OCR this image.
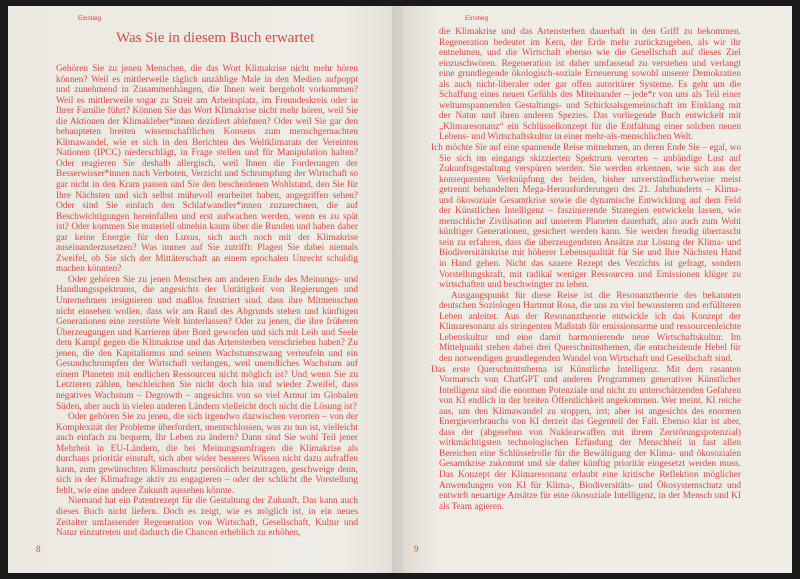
Einstieg
Was Sie in diesem Buch erwartet

Gehören Sie zu jenen Menschen, die das Wort Klimakrise nicht mehr hören können? Weil es mittlerweile täglich unzählige Male in den Medien aufpoppt und zunehmend in Zusammenhängen, die Ihnen weit hergeholt vorkommen? Weil es mittlerweile sogar zu Streit am Arbeitsplatz, im Freundeskreis oder in Ihrer Familie führt? Können Sie das Wort Klimakrise nicht mehr hören, weil Sie die Aktionen der Klimakleber*innen dezidiert ablehnen? Oder weil Sie gar den behaupteten breiten wissenschaftlichen Konsens zum menschgemachten Klimawandel, wie er sich in den Berichten des Weltklimarats der Vereinten Nationen (IPCC) niederschlägt, in Frage stellen und für Manipulation halten? Oder reagieren Sie deshalb allergisch, weil Ihnen die Forderungen der Besserwisser*innen nach Verboten, Verzicht und Schrumpfung der Wirtschaft so gar nicht in den Kram passen und Sie den bescheidenen Wohlstand, den Sie für Ihre Nächsten und sich selbst mühevoll erarbeitet haben, angegriffen sehen? Oder sind Sie einfach den Schlafwandler*innen zuzurechnen, die auf Beschwichtigungen hereinfallen und erst aufwachen werden, wenn es zu spät ist? Oder kommen Sie materiell ohnehin kaum über die Runden und haben daher gar keine Energie für den Luxus, sich auch noch mit der Klimakrise auseinanderzusetzen? Was immer auf Sie zutrifft: Plagen Sie dabei niemals Zweifel, ob Sie sich der Mittäterschaft an einem epochalen Unrecht schuldig machen könnten?

Oder gehören Sie zu jenen Menschen am anderen Ende des Meinungs- und Handlungsspektrums, die angesichts der Untätigkeit von Regierungen und Unternehmen resignieren und maßlos frustriert sind, dass ihre Mitmenschen nicht einsehen wollen, dass wir am Rand des Abgrunds stehen und künftigen Generationen eine zerstörte Welt hinterlassen? Oder zu jenen, die ihre früheren Überzeugungen und Karrieren über Bord geworfen und sich mit Leib und Seele dem Kampf gegen die Klimakrise und das Artensterben verschrieben haben? Zu jenen, die den Kapitalismus und seinen Wachstumszwang verteufeln und ein Gesundschrumpfen der Wirtschaft verlangen, weil unendliches Wachstum auf einem Planeten mit endlichen Ressourcen nicht möglich ist? Und wenn Sie zu Letzteren zählen, beschleichen Sie nicht doch hin und wieder Zweifel, dass negatives Wachstum – Degrowth – angesichts von so viel Armut im Globalen Süden, aber auch in vielen anderen Ländern vielleicht doch nicht die Lösung ist?

Oder gehören Sie zu jenen, die sich irgendwo dazwischen verorten – von der Komplexität der Probleme überfordert, unentschlossen, was zu tun ist, vielleicht auch einfach zu bequem, Ihr Leben zu ändern? Dann sind Sie wohl Teil jener Mehrheit in EU-Ländern, die bei Meinungsumfragen die Klimakrise als durchaus prioritär einstuft, sich aber wider besseres Wissen nicht dazu aufraffen kann, zum gewünschten Klimaschutz persönlich beizutragen, geschweige denn, sich in der Klimafrage aktiv zu engagieren – oder der schlicht die Vorstellung fehlt, wie eine andere Zukunft aussehen könnte.

Niemand hat ein Patentrezept für die Gestaltung der Zukunft. Das kann auch dieses Buch nicht liefern. Doch es zeigt, wie es möglich ist, in ein neues Zeitalter umfassender Regeneration von Wirtschaft, Gesellschaft, Kultur und Natur einzutreten und dadurch die Chancen erheblich zu erhöhen,

8
Einstieg

die Klimakrise und das Artensterben dauerhaft in den Griff zu bekommen. Regeneration bedeutet im Kern, der Erde mehr zurückzugeben, als wir ihr entnehmen, und die Wirtschaft ebenso wie die Gesellschaft auf dieses Ziel einzuschwören. Regeneration ist daher umfassend zu verstehen und verlangt eine grundlegende ökologisch-soziale Erneuerung sowohl unserer Demokratien als auch nicht-liberaler oder gar offen autoritärer Systeme. Es geht um die Schaffung eines neuen Gefühls des Miteinander – jede*r von uns als Teil einer weltumspannenden Gestaltungs- und Schicksalsgemeinschaft im Einklang mit der Natur und ihren anderen Spezies. Das vorliegende Buch entwickelt mit „Klimaresonanz“ ein Schlüsselkonzept für die Entfaltung einer solchen neuen Lebens- und Wirtschaftskultur in einer mehr-als-menschlichen Welt.

Ich möchte Sie auf eine spannende Reise mitnehmen, an deren Ende Sie – egal, wo Sie sich im eingangs skizzierten Spektrum verorten – unbändige Lust auf Zukunftsgestaltung verspüren werden. Sie werden erkennen, wie sich aus der konsequenten Verknüpfung der beiden, bisher unverständlicherweise meist getrennt behandelten Mega-Herausforderungen des 21. Jahrhunderts – Klima- und ökosoziale Gesamtkrise sowie die dynamische Entwicklung auf dem Feld der Künstlichen Intelligenz – faszinierende Strategien entwickeln lassen, wie menschliche Zivilisation auf unserem Planeten dauerhaft, also auch zum Wohl künftiger Generationen, gesichert werden kann. Sie werden freudig überrascht sein zu erfahren, dass die überzeugendsten Ansätze zur Lösung der Klima- und Biodiversitätskrise mit höherer Lebensqualität für Sie und Ihre Nächsten Hand in Hand gehen. Nicht das sauere Rezept des Verzichts ist gefragt, sondern Vorstellungskraft, mit radikal weniger Ressourcen und Emissionen klüger zu wirtschaften und beschwingter zu leben.

Ausgangspunkt für diese Reise ist die Resonanztheorie des bekannten deutschen Soziologen Hartmut Rosa, die uns zu viel bewussteren und erfüllteren Leben anleitet. Aus der Resonanztheorie entwickle ich das Konzept der Klimaresonanz als stringenten Maßstab für emissionsarme und ressourcenleichte Lebenskultur und eine damit harmonierende neue Wirtschaftskultur. Im Mittelpunkt stehen dabei drei Querschnittsthemen, die entscheidende Hebel für den notwendigen grundlegenden Wandel von Wirtschaft und Gesellschaft sind.

Das erste Querschnittsthema ist Künstliche Intelligenz. Mit dem rasanten Vormarsch von ChatGPT und anderen Programmen generativer Künstlicher Intelligenz sind die enormen Potenziale und nicht zu unterschätzenden Gefahren von KI endlich in der breiten Öffentlichkeit angekommen. Wer meint, KI reiche aus, um den Klimawandel zu stoppen, irrt; aber ist angesichts des enormen Energieverbrauchs von KI derzeit das Gegenteil der Fall. Ebenso klar ist aber, dass der (abgesehen von Nuklearwaffen mit ihrem Zerstörungspotenzial) wirkmächtigsten technologischen Erfindung der Menschheit in fast allen Bereichen eine Schlüsselrolle für die Bewältigung der Klima- und ökosozialen Gesamtkrise zukommt und sie daher künftig prioritär eingesetzt werden muss. Das Konzept der Klimaresonanz erlaubt eine kritische Reflektion möglicher Anwendungen von KI für Klima-, Biodiversitäts- und Ökosystemschutz und entwirft neuartige Ansätze für eine ökosoziale Intelligenz, in der Mensch und KI als Team agieren.

9
